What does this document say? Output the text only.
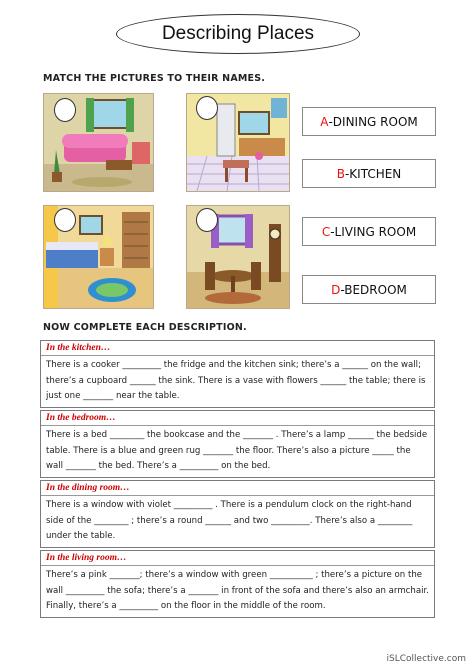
Describing Places
MATCH THE PICTURES TO THEIR NAMES.
A -DINING ROOM
B -KITCHEN
C -LIVING ROOM
D -BEDROOM
NOW COMPLETE EACH DESCRIPTION.
In the kitchen…
There is a cooker _________ the fridge and the kitchen sink; there’s a ______ on the wall; there’s a cupboard ______ the sink. There is a vase with flowers ______ the table; there is just one _______ near the table.
In the bedroom…
There is a bed ________ the bookcase and the _______ . There’s a lamp ______ the bedside table. There is a blue and green rug _______ the floor. There’s also a picture _____ the wall _______ the bed. There’s a _________ on the bed.
In the dining room…
There is a window with violet _________ . There is a pendulum clock on the right-hand side of the ________ ; there’s a round ______ and two _________. There’s also a ________ under the table.
In the living room…
There’s a pink _______; there’s a window with green __________ ; there’s a picture on the wall _________ the sofa; there’s a _______ in front of the sofa and there’s also an armchair. Finally, there’s a _________ on the floor in the middle of the room.
iSLCollective.com
